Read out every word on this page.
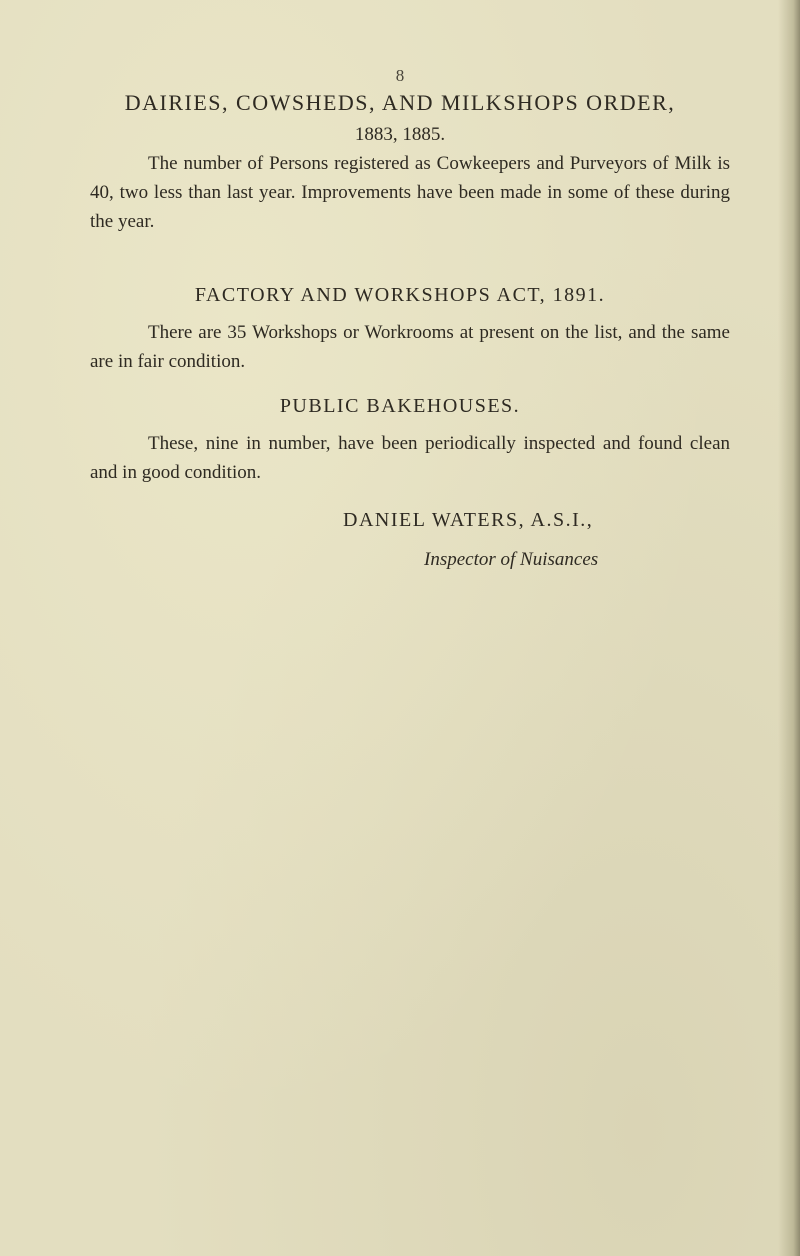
8
DAIRIES, COWSHEDS, AND MILKSHOPS ORDER,
1883, 1885.

The number of Persons registered as Cowkeepers and Purveyors of Milk is 40, two less than last year. Improvements have been made in some of these during the year.

FACTORY AND WORKSHOPS ACT, 1891.

There are 35 Workshops or Workrooms at present on the list, and the same are in fair condition.

PUBLIC BAKEHOUSES.

These, nine in number, have been periodically inspected and found clean and in good condition.

DANIEL WATERS, A.S.I.,
Inspector of Nuisances
